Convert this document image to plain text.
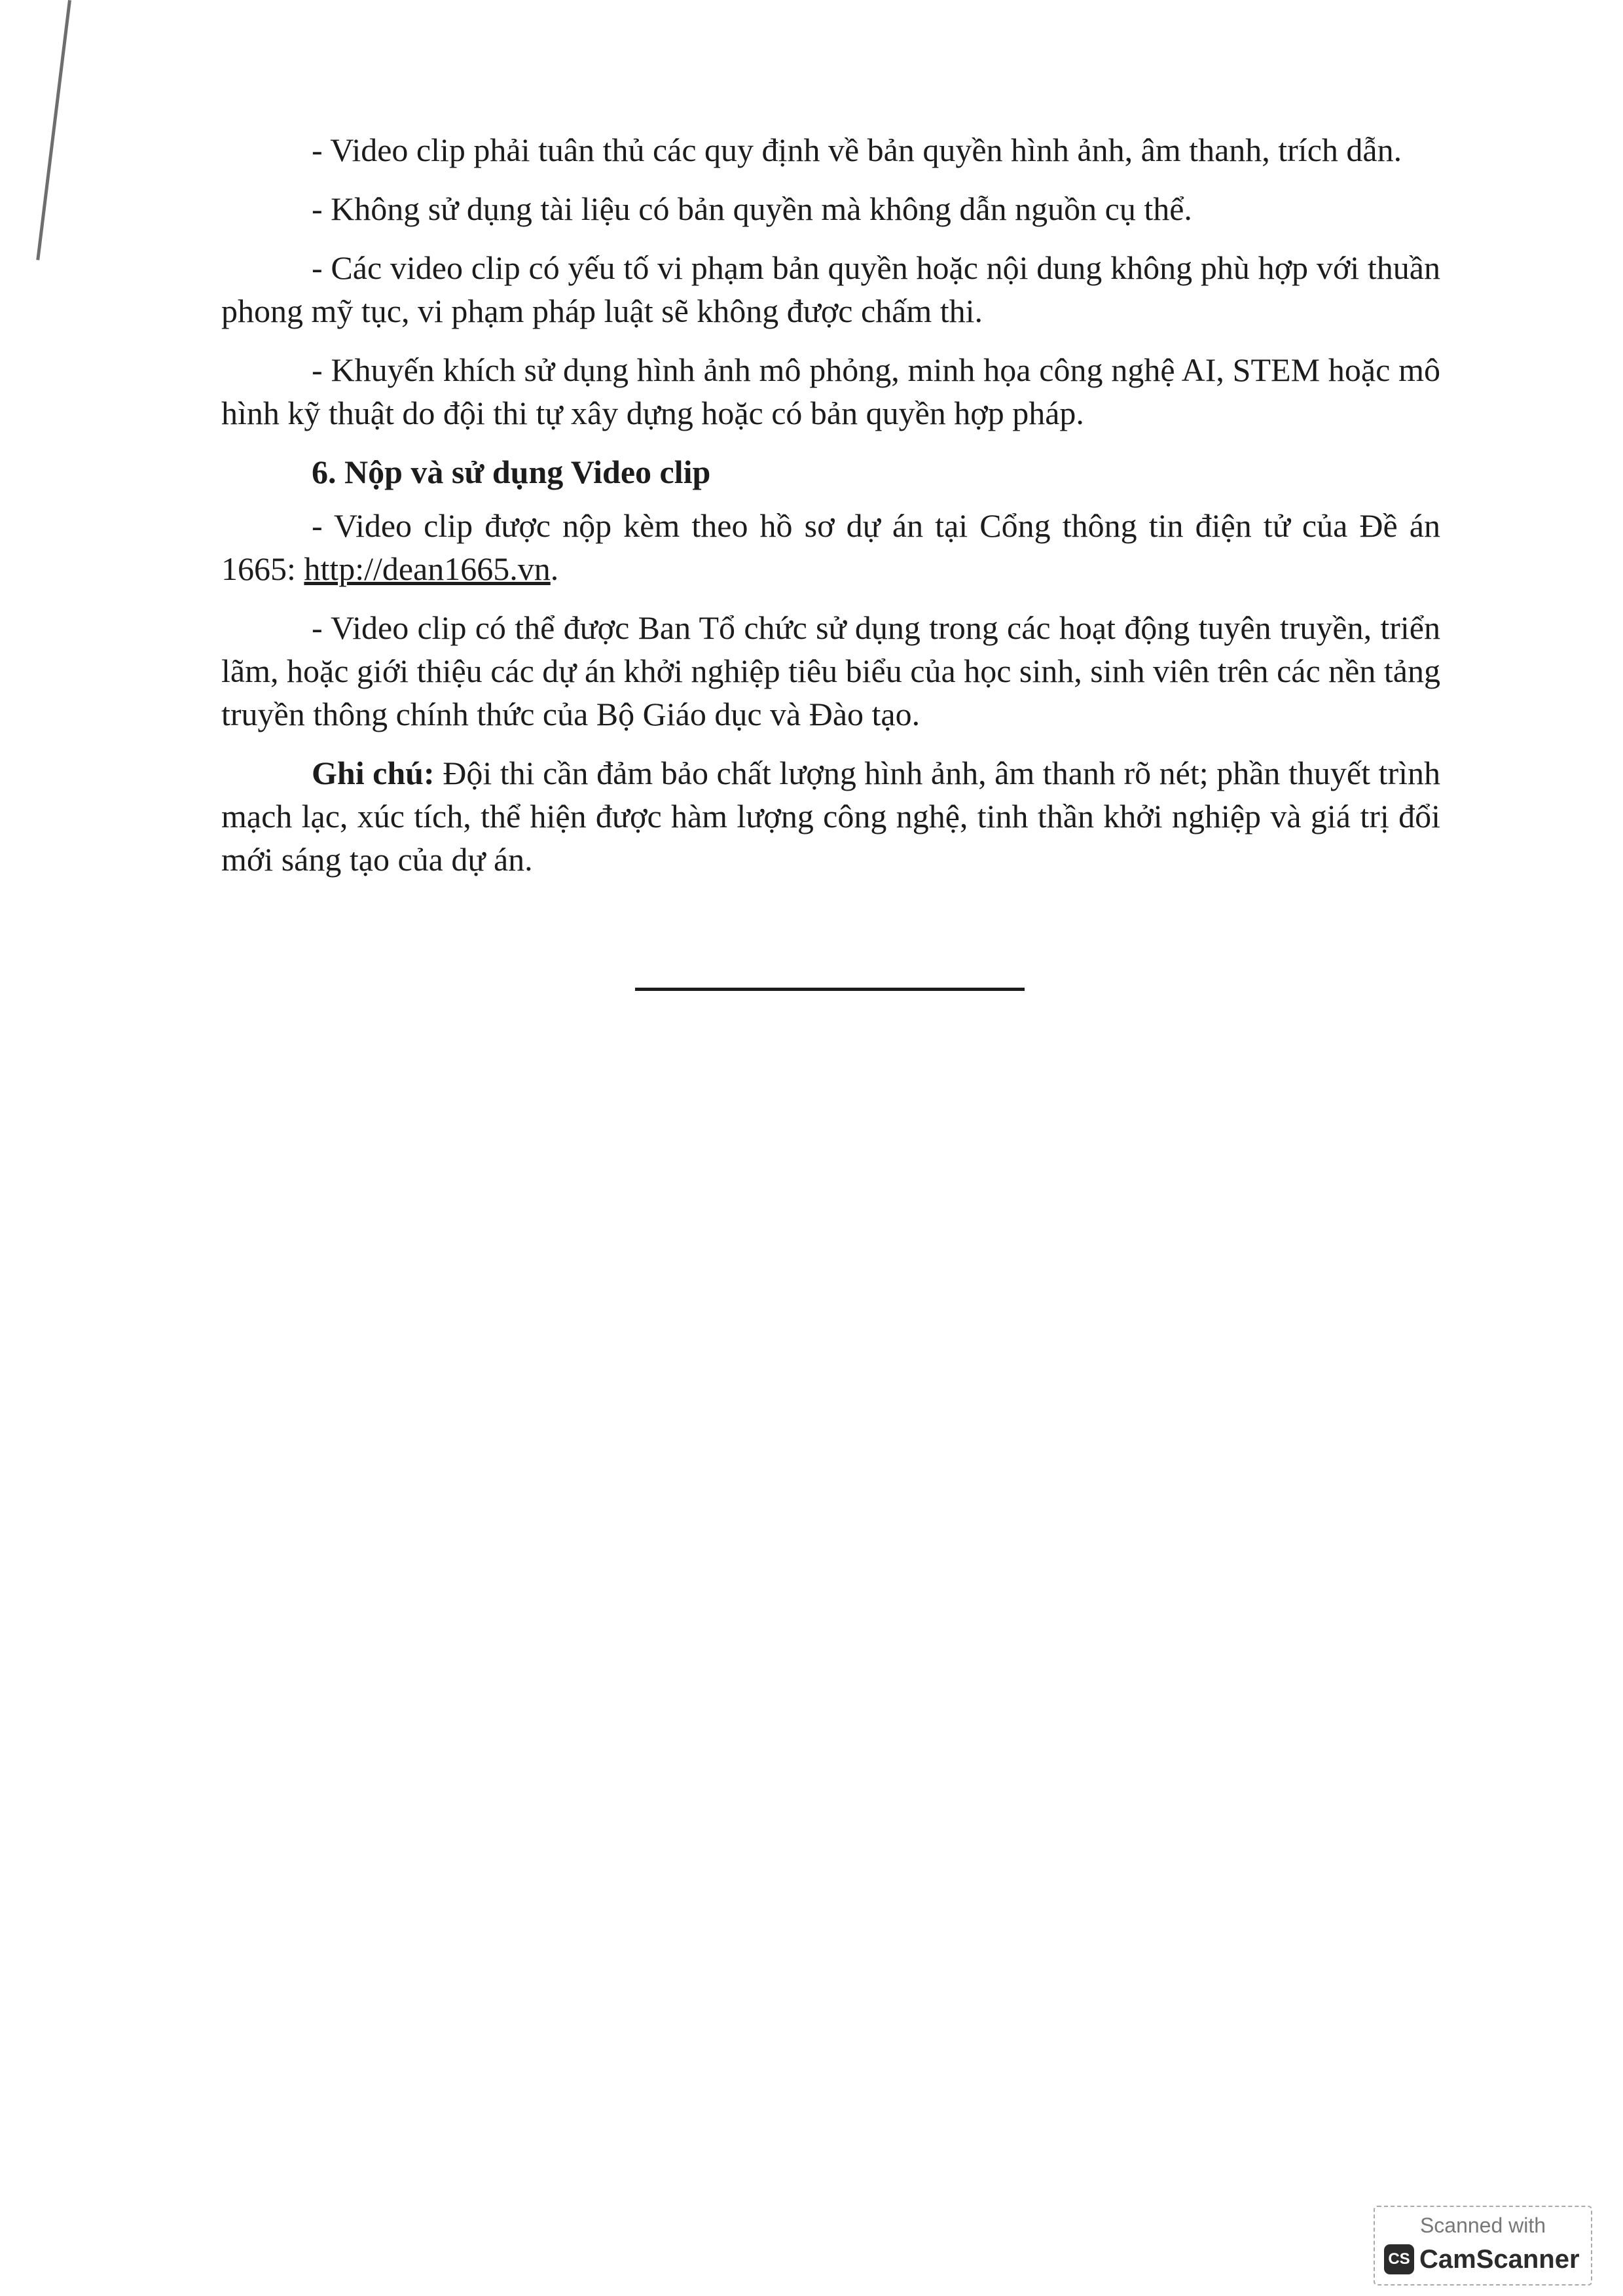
- Video clip phải tuân thủ các quy định về bản quyền hình ảnh, âm thanh, trích dẫn.

- Không sử dụng tài liệu có bản quyền mà không dẫn nguồn cụ thể.

- Các video clip có yếu tố vi phạm bản quyền hoặc nội dung không phù hợp với thuần phong mỹ tục, vi phạm pháp luật sẽ không được chấm thi.

- Khuyến khích sử dụng hình ảnh mô phỏng, minh họa công nghệ AI, STEM hoặc mô hình kỹ thuật do đội thi tự xây dựng hoặc có bản quyền hợp pháp.

6. Nộp và sử dụng Video clip

- Video clip được nộp kèm theo hồ sơ dự án tại Cổng thông tin điện tử của Đề án 1665: http://dean1665.vn.

- Video clip có thể được Ban Tổ chức sử dụng trong các hoạt động tuyên truyền, triển lãm, hoặc giới thiệu các dự án khởi nghiệp tiêu biểu của học sinh, sinh viên trên các nền tảng truyền thông chính thức của Bộ Giáo dục và Đào tạo.

Ghi chú: Đội thi cần đảm bảo chất lượng hình ảnh, âm thanh rõ nét; phần thuyết trình mạch lạc, xúc tích, thể hiện được hàm lượng công nghệ, tinh thần khởi nghiệp và giá trị đổi mới sáng tạo của dự án.

Scanned with
CS CamScanner
